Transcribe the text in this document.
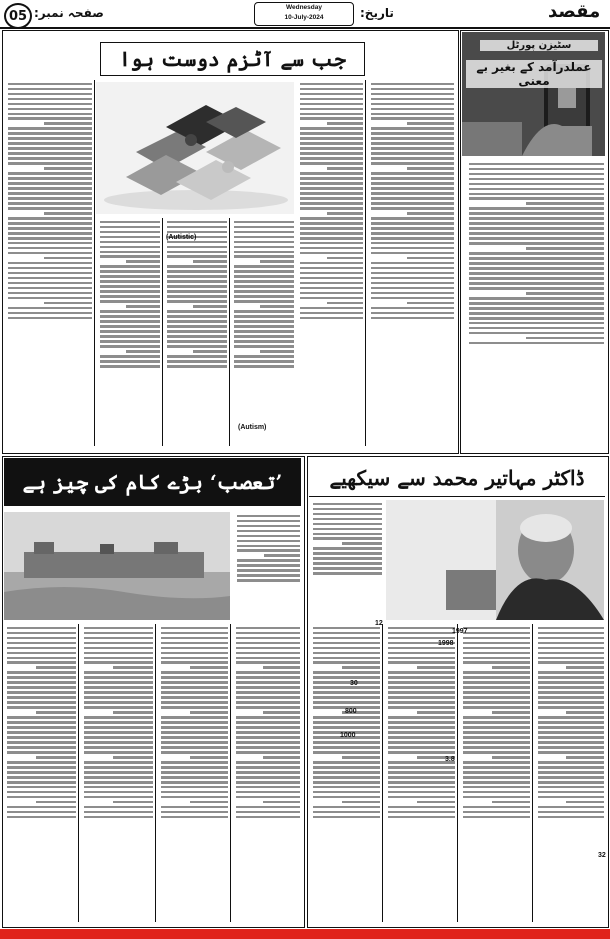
05 صفحہ نمبر:	Wednesday
10-July-2024	تاریخ:	مقصد
جب سے آٹزم دوست ہوا
(Autistic)
(Autism)
سٹیزن پورٹل
عملدرآمد کے بغیر بے معنی
’تعصب‘ بڑے کام کی چیز ہے	ڈاکٹر مہاتیر محمد سے سیکھیے
1997
1998
12
30
800
1000
3.8
32
